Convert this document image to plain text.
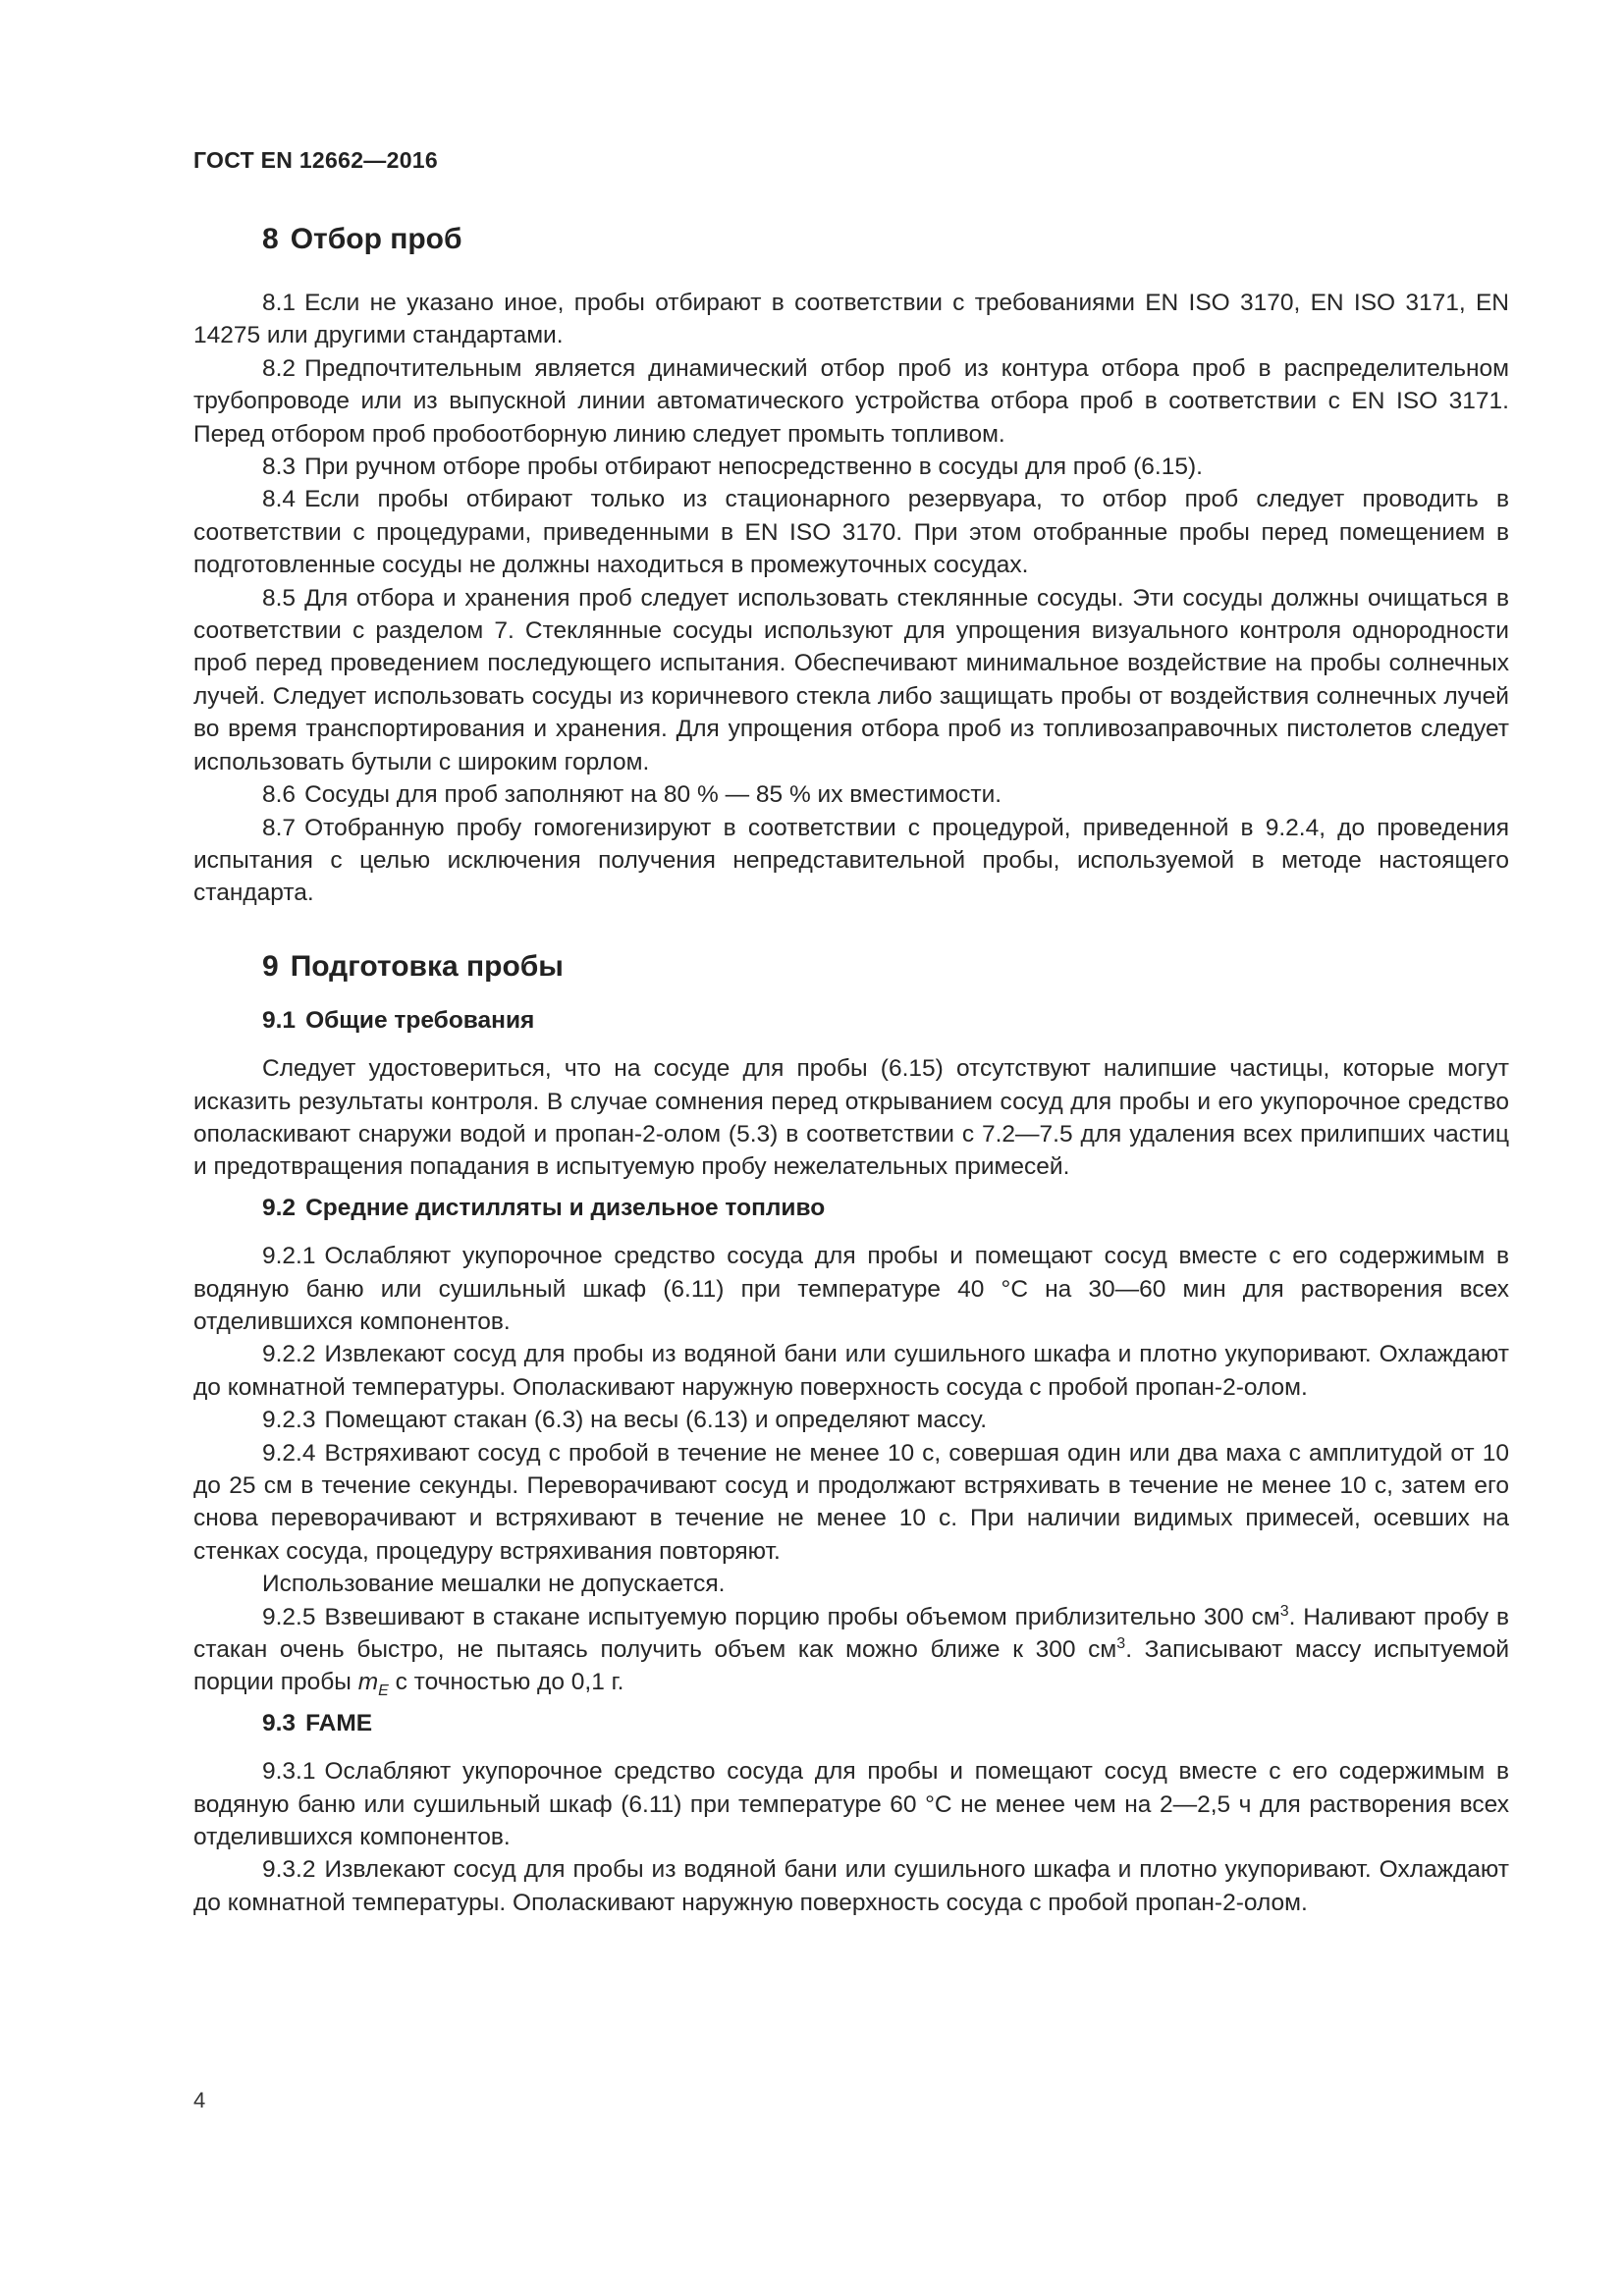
ГОСТ EN 12662—2016
8 Отбор проб

8.1 Если не указано иное, пробы отбирают в соответствии с требованиями EN ISO 3170, EN ISO 3171, EN 14275 или другими стандартами.

8.2 Предпочтительным является динамический отбор проб из контура отбора проб в распределительном трубопроводе или из выпускной линии автоматического устройства отбора проб в соответствии с EN ISO 3171. Перед отбором проб пробоотборную линию следует промыть топливом.

8.3 При ручном отборе пробы отбирают непосредственно в сосуды для проб (6.15).

8.4 Если пробы отбирают только из стационарного резервуара, то отбор проб следует проводить в соответствии с процедурами, приведенными в EN ISO 3170. При этом отобранные пробы перед помещением в подготовленные сосуды не должны находиться в промежуточных сосудах.

8.5 Для отбора и хранения проб следует использовать стеклянные сосуды. Эти сосуды должны очищаться в соответствии с разделом 7. Стеклянные сосуды используют для упрощения визуального контроля однородности проб перед проведением последующего испытания. Обеспечивают минимальное воздействие на пробы солнечных лучей. Следует использовать сосуды из коричневого стекла либо защищать пробы от воздействия солнечных лучей во время транспортирования и хранения. Для упрощения отбора проб из топливозаправочных пистолетов следует использовать бутыли с широким горлом.

8.6 Сосуды для проб заполняют на 80 % — 85 % их вместимости.

8.7 Отобранную пробу гомогенизируют в соответствии с процедурой, приведенной в 9.2.4, до проведения испытания с целью исключения получения непредставительной пробы, используемой в методе настоящего стандарта.

9 Подготовка пробы
9.1 Общие требования

Следует удостовериться, что на сосуде для пробы (6.15) отсутствуют налипшие частицы, которые могут исказить результаты контроля. В случае сомнения перед открыванием сосуд для пробы и его укупорочное средство ополаскивают снаружи водой и пропан-2-олом (5.3) в соответствии с 7.2—7.5 для удаления всех прилипших частиц и предотвращения попадания в испытуемую пробу нежелательных примесей.

9.2 Средние дистилляты и дизельное топливо

9.2.1 Ослабляют укупорочное средство сосуда для пробы и помещают сосуд вместе с его содержимым в водяную баню или сушильный шкаф (6.11) при температуре 40 °С на 30—60 мин для растворения всех отделившихся компонентов.

9.2.2 Извлекают сосуд для пробы из водяной бани или сушильного шкафа и плотно укупоривают. Охлаждают до комнатной температуры. Ополаскивают наружную поверхность сосуда с пробой пропан-2-олом.

9.2.3 Помещают стакан (6.3) на весы (6.13) и определяют массу.

9.2.4 Встряхивают сосуд с пробой в течение не менее 10 с, совершая один или два маха с амплитудой от 10 до 25 см в течение секунды. Переворачивают сосуд и продолжают встряхивать в течение не менее 10 с, затем его снова переворачивают и встряхивают в течение не менее 10 с. При наличии видимых примесей, осевших на стенках сосуда, процедуру встряхивания повторяют.

Использование мешалки не допускается.

9.2.5 Взвешивают в стакане испытуемую порцию пробы объемом приблизительно 300 $см^3$. Наливают пробу в стакан очень быстро, не пытаясь получить объем как можно ближе к 300 $см^3$. Записывают массу испытуемой порции пробы $m_E$ с точностью до 0,1 г.

9.3 FAME

9.3.1 Ослабляют укупорочное средство сосуда для пробы и помещают сосуд вместе с его содержимым в водяную баню или сушильный шкаф (6.11) при температуре 60 °С не менее чем на 2—2,5 ч для растворения всех отделившихся компонентов.

9.3.2 Извлекают сосуд для пробы из водяной бани или сушильного шкафа и плотно укупоривают. Охлаждают до комнатной температуры. Ополаскивают наружную поверхность сосуда с пробой пропан-2-олом.

4
